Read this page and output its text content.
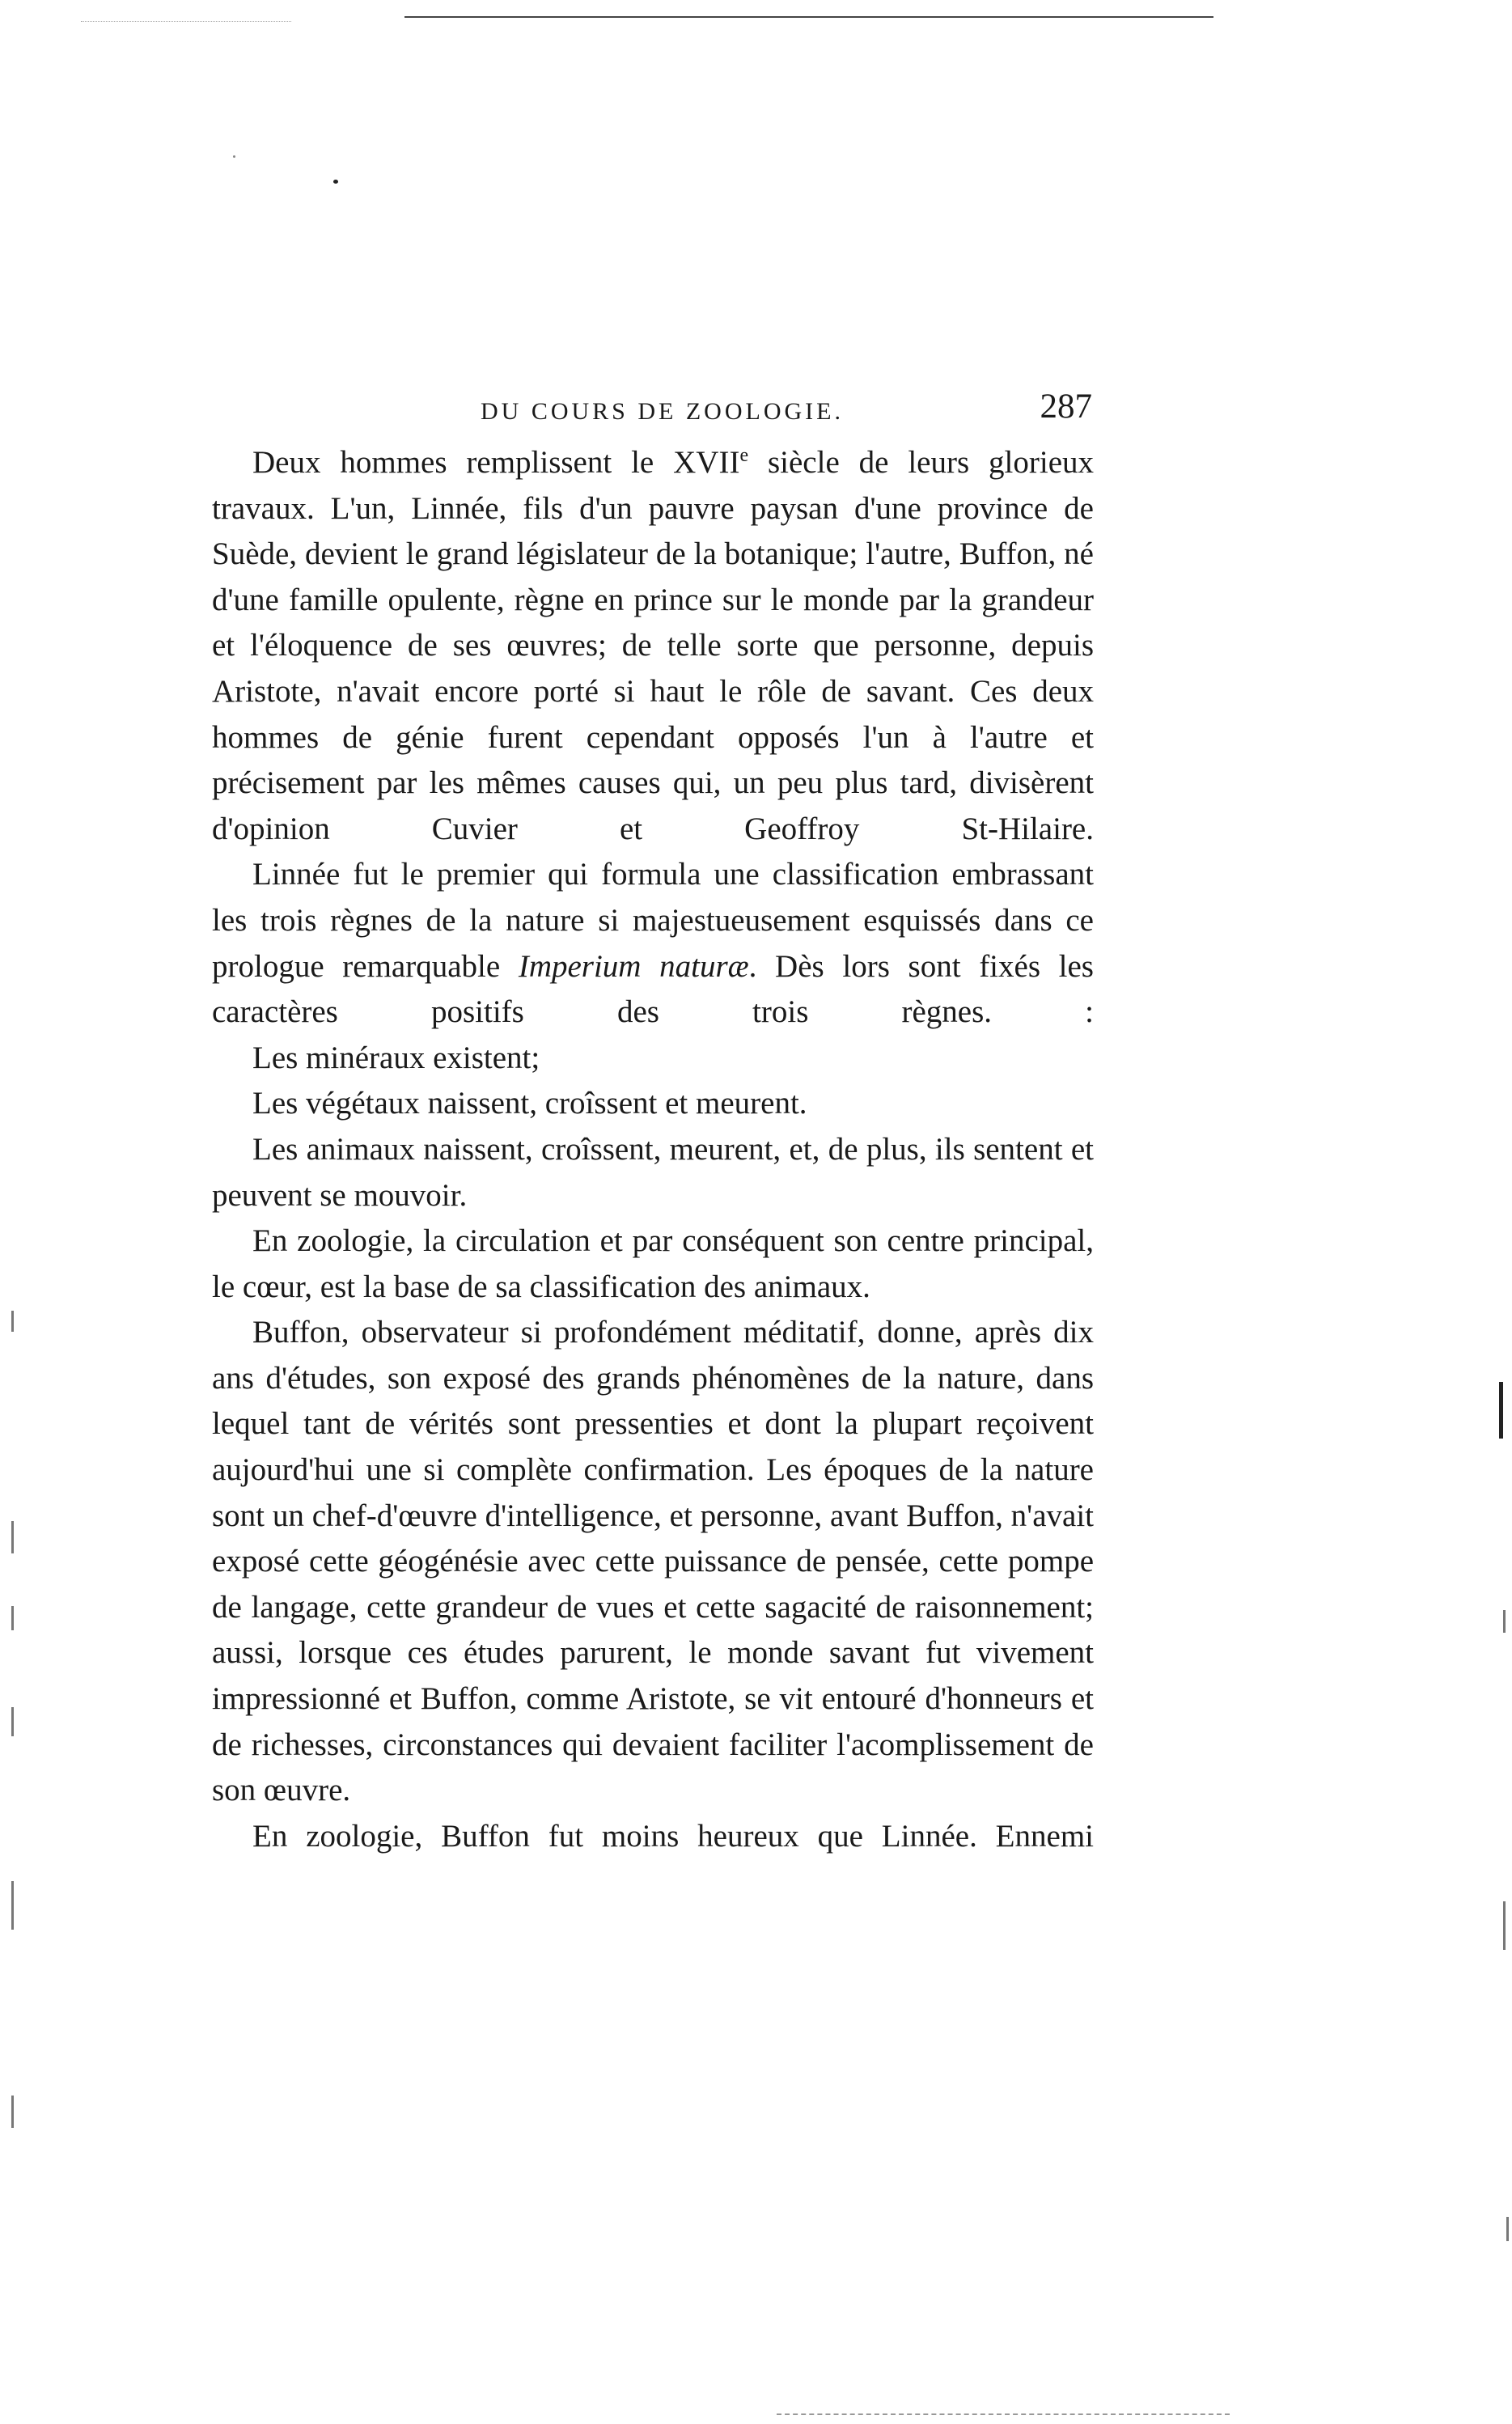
DU COURS DE ZOOLOGIE.	287

Deux hommes remplissent le XVIIe siècle de leurs glorieux travaux. L'un, Linnée, fils d'un pauvre paysan d'une province de Suède, devient le grand législateur de la botanique; l'autre, Buffon, né d'une famille opulente, règne en prince sur le monde par la grandeur et l'éloquence de ses œuvres; de telle sorte que personne, depuis Aristote, n'avait encore porté si haut le rôle de savant. Ces deux hommes de génie furent cependant opposés l'un à l'autre et précisement par les mêmes causes qui, un peu plus tard, divisèrent d'opinion Cuvier et Geoffroy St-Hilaire.

Linnée fut le premier qui formula une classification embrassant les trois règnes de la nature si majestueusement esquissés dans ce prologue remarquable Imperium naturæ. Dès lors sont fixés les caractères positifs des trois règnes. :

Les minéraux existent;

Les végétaux naissent, croîssent et meurent.

Les animaux naissent, croîssent, meurent, et, de plus, ils sentent et peuvent se mouvoir.

En zoologie, la circulation et par conséquent son centre principal, le cœur, est la base de sa classification des animaux.

Buffon, observateur si profondément méditatif, donne, après dix ans d'études, son exposé des grands phénomènes de la nature, dans lequel tant de vérités sont pressenties et dont la plupart reçoivent aujourd'hui une si complète confirmation. Les époques de la nature sont un chef-d'œuvre d'intelligence, et personne, avant Buffon, n'avait exposé cette géogénésie avec cette puissance de pensée, cette pompe de langage, cette grandeur de vues et cette sagacité de raisonnement; aussi, lorsque ces études parurent, le monde savant fut vivement impressionné et Buffon, comme Aristote, se vit entouré d'honneurs et de richesses, circonstances qui devaient faciliter l'acomplissement de son œuvre.

En zoologie, Buffon fut moins heureux que Linnée. Ennemi
